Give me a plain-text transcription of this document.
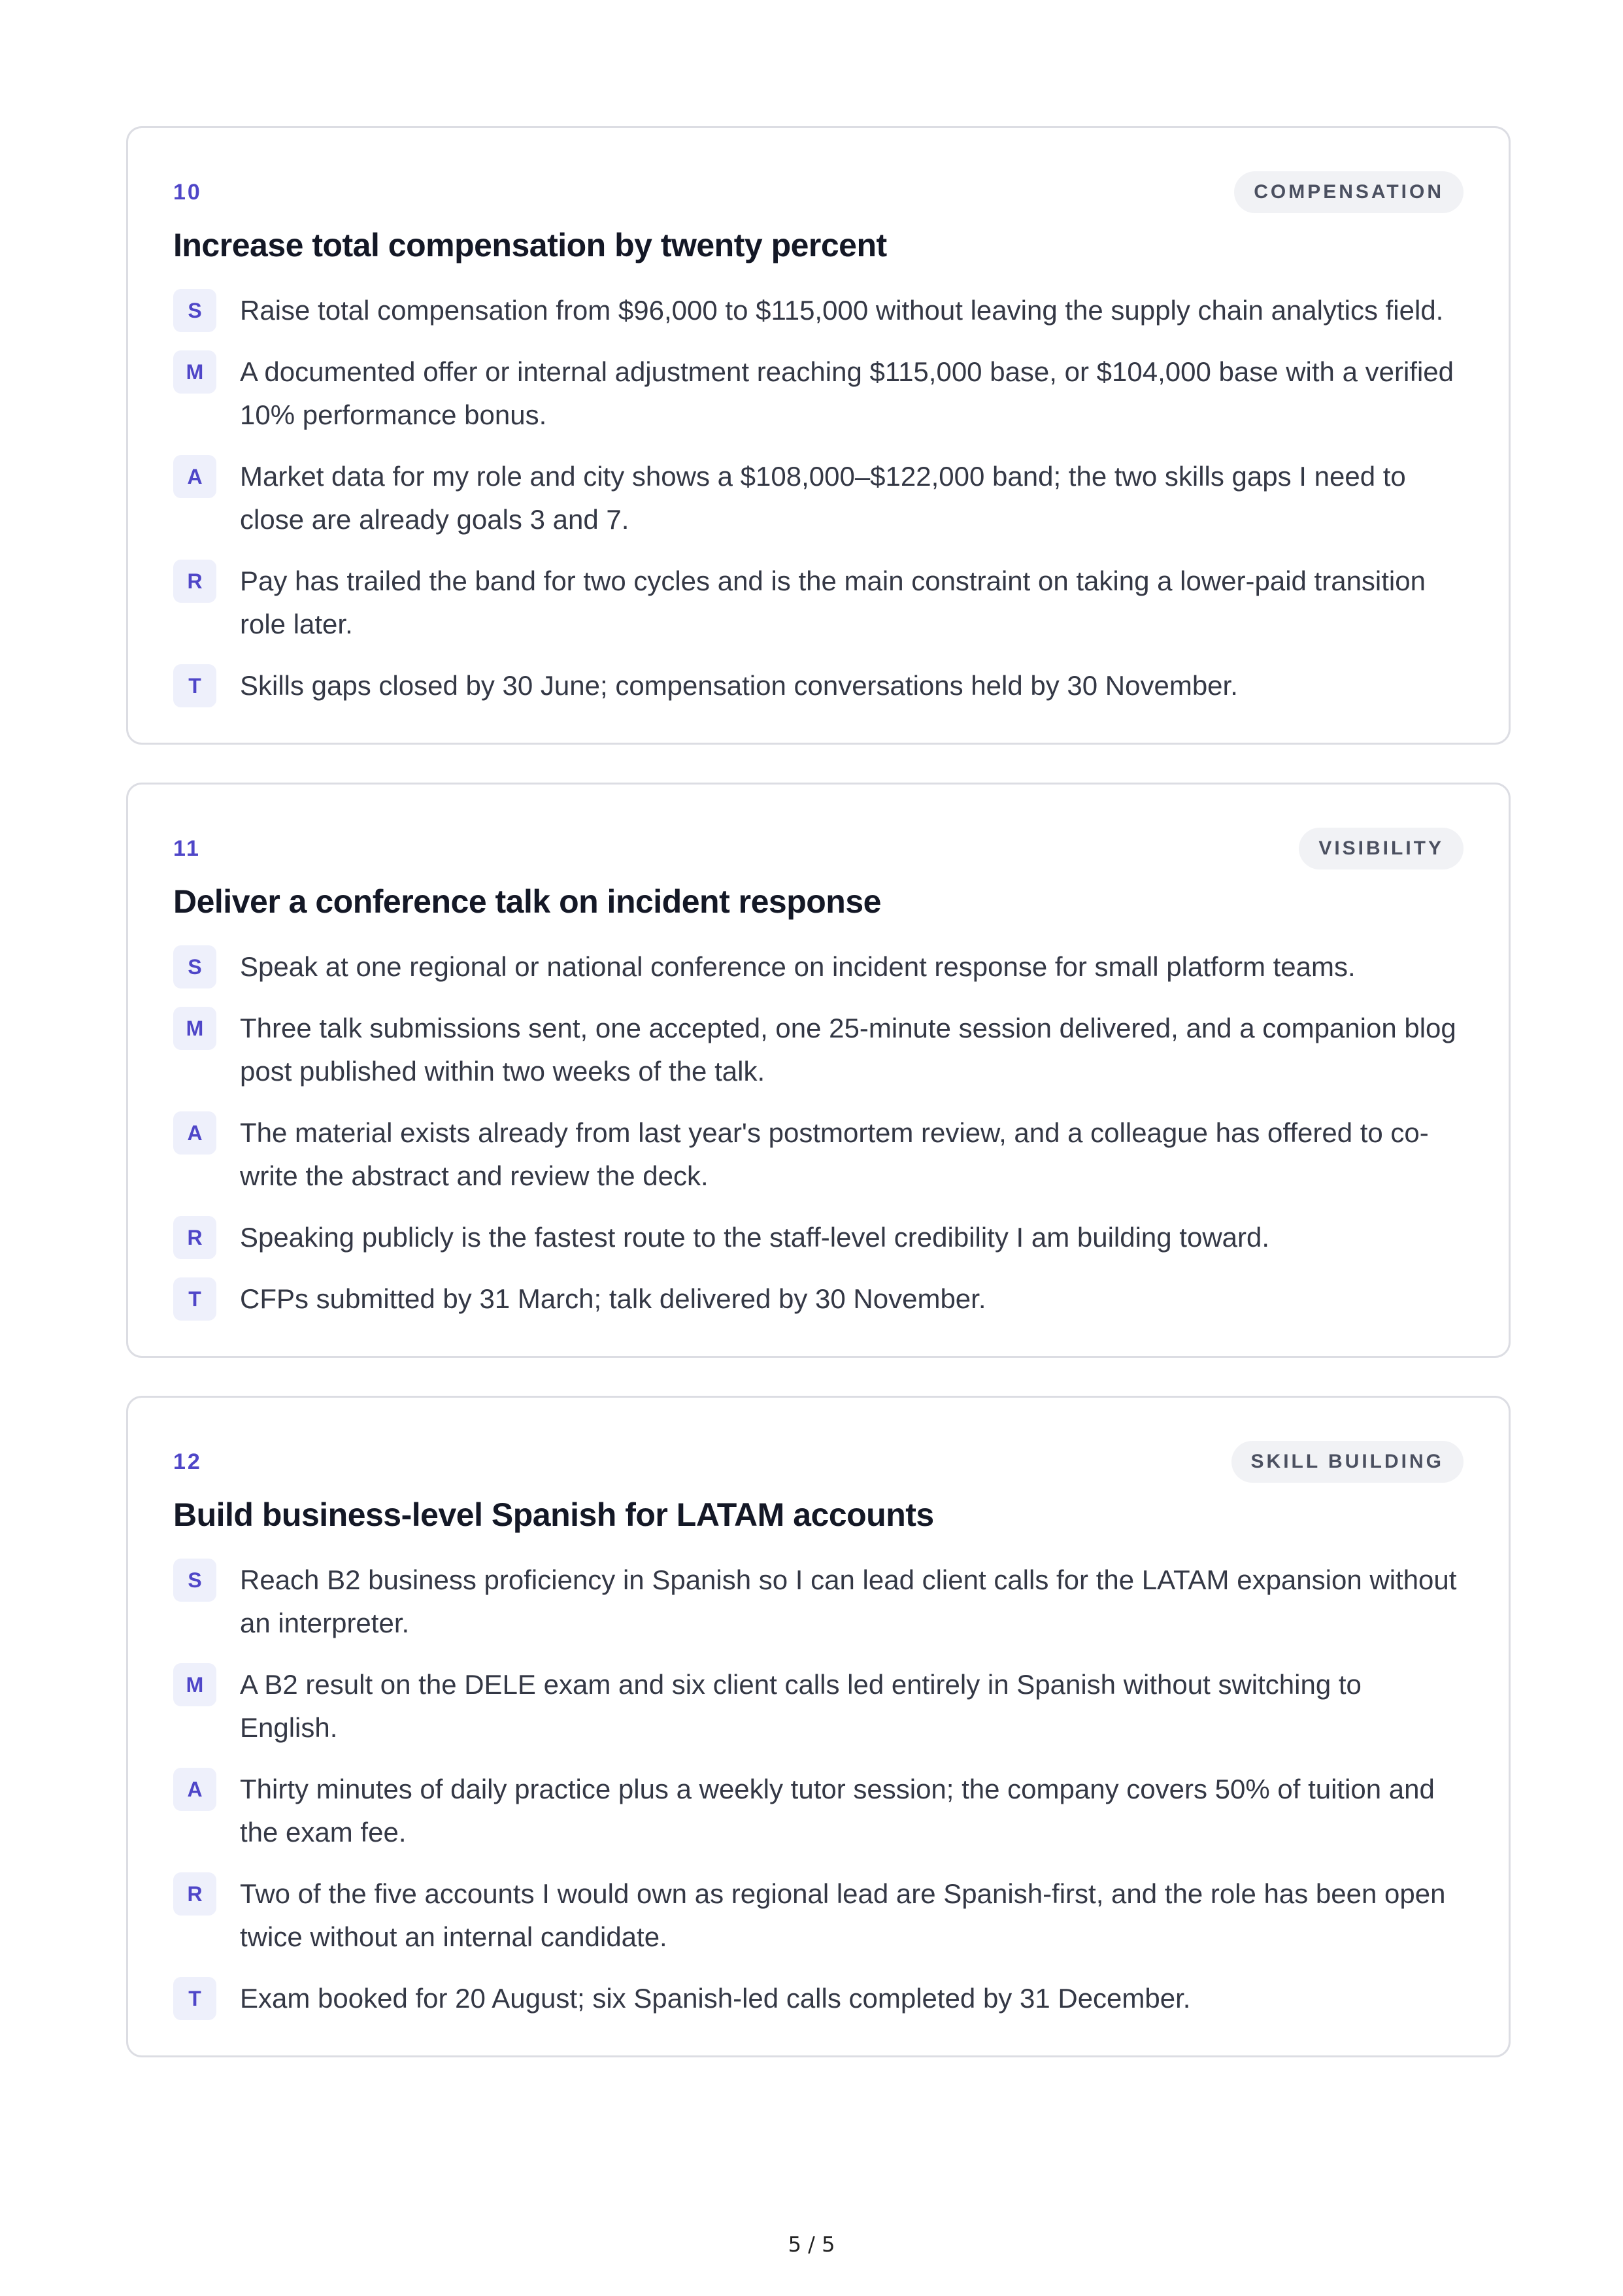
10	COMPENSATION
Increase total compensation by twenty percent
S	Raise total compensation from $96,000 to $115,000 without leaving the supply chain analytics field.
M	A documented offer or internal adjustment reaching $115,000 base, or $104,000 base with a verified 10% performance bonus.
A	Market data for my role and city shows a $108,000–$122,000 band; the two skills gaps I need to close are already goals 3 and 7.
R	Pay has trailed the band for two cycles and is the main constraint on taking a lower-paid transition role later.
T	Skills gaps closed by 30 June; compensation conversations held by 30 November.
11	VISIBILITY
Deliver a conference talk on incident response
S	Speak at one regional or national conference on incident response for small platform teams.
M	Three talk submissions sent, one accepted, one 25-minute session delivered, and a companion blog post published within two weeks of the talk.
A	The material exists already from last year's postmortem review, and a colleague has offered to co-write the abstract and review the deck.
R	Speaking publicly is the fastest route to the staff-level credibility I am building toward.
T	CFPs submitted by 31 March; talk delivered by 30 November.
12	SKILL BUILDING
Build business-level Spanish for LATAM accounts
S	Reach B2 business proficiency in Spanish so I can lead client calls for the LATAM expansion without an interpreter.
M	A B2 result on the DELE exam and six client calls led entirely in Spanish without switching to English.
A	Thirty minutes of daily practice plus a weekly tutor session; the company covers 50% of tuition and the exam fee.
R	Two of the five accounts I would own as regional lead are Spanish-first, and the role has been open twice without an internal candidate.
T	Exam booked for 20 August; six Spanish-led calls completed by 31 December.
5 / 5
